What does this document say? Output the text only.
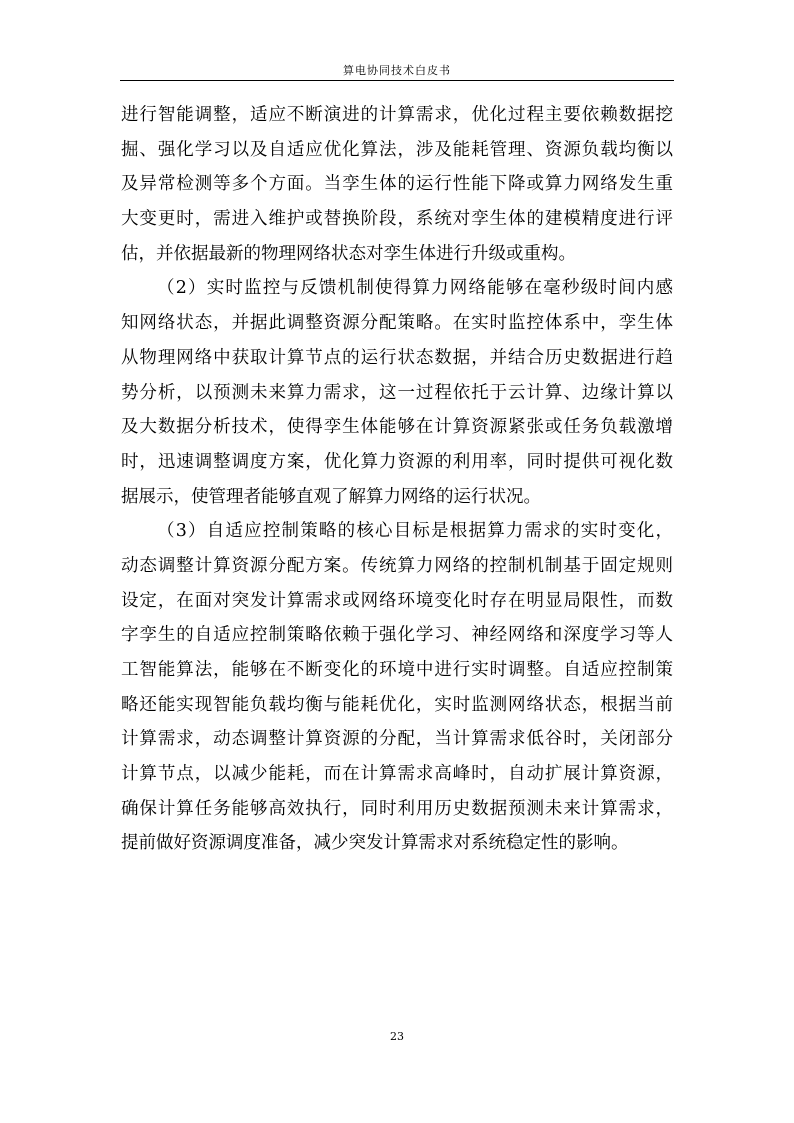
算电协同技术白皮书
进行智能调整，适应不断演进的计算需求，优化过程主要依赖数据挖
掘、强化学习以及自适应优化算法，涉及能耗管理、资源负载均衡以
及异常检测等多个方面。当孪生体的运行性能下降或算力网络发生重
大变更时，需进入维护或替换阶段，系统对孪生体的建模精度进行评
估，并依据最新的物理网络状态对孪生体进行升级或重构。
（2）实时监控与反馈机制使得算力网络能够在毫秒级时间内感
知网络状态，并据此调整资源分配策略。在实时监控体系中，孪生体
从物理网络中获取计算节点的运行状态数据，并结合历史数据进行趋
势分析，以预测未来算力需求，这一过程依托于云计算、边缘计算以
及大数据分析技术，使得孪生体能够在计算资源紧张或任务负载激增
时，迅速调整调度方案，优化算力资源的利用率，同时提供可视化数
据展示，使管理者能够直观了解算力网络的运行状况。
（3）自适应控制策略的核心目标是根据算力需求的实时变化，
动态调整计算资源分配方案。传统算力网络的控制机制基于固定规则
设定，在面对突发计算需求或网络环境变化时存在明显局限性，而数
字孪生的自适应控制策略依赖于强化学习、神经网络和深度学习等人
工智能算法，能够在不断变化的环境中进行实时调整。自适应控制策
略还能实现智能负载均衡与能耗优化，实时监测网络状态，根据当前
计算需求，动态调整计算资源的分配，当计算需求低谷时，关闭部分
计算节点，以减少能耗，而在计算需求高峰时，自动扩展计算资源，
确保计算任务能够高效执行，同时利用历史数据预测未来计算需求，
提前做好资源调度准备，减少突发计算需求对系统稳定性的影响。
23
